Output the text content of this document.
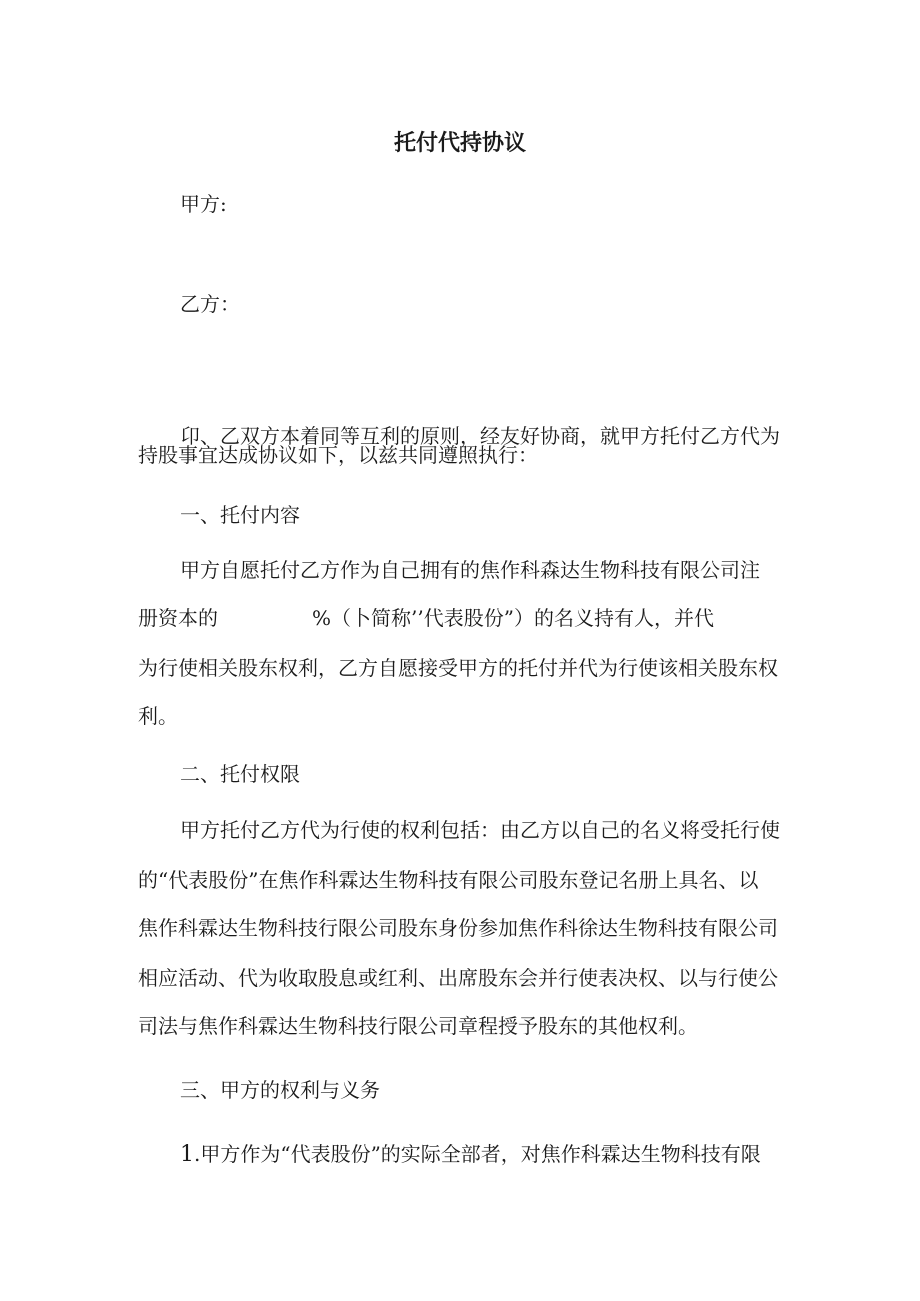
托付代持协议
甲方:
乙方：
卬、乙双方本着同等互利的原则，经友好协商，就甲方托付乙方代为
持股事宜达成协议如下，以兹共同遵照执行：
一、托付内容
甲方自愿托付乙方作为自己拥有的焦作科森达生物科技有限公司注
册资本的	%（卜简称’’代表股份”）的名义持有人，并代
为行使相关股东权利，乙方自愿接受甲方的托付并代为行使该相关股东权
利。
二、托付权限
甲方托付乙方代为行使的权利包括：由乙方以自己的名义将受托行使
的“代表股份”在焦作科霖达生物科技有限公司股东登记名册上具名、以
焦作科霖达生物科技行限公司股东身份参加焦作科徐达生物科技有限公司
相应活动、代为收取股息或红利、出席股东会并行使表决权、以与行使公
司法与焦作科霖达生物科技行限公司章程授予股东的其他权利。
三、甲方的权利与义务
1.甲方作为“代表股份”的实际全部者，对焦作科霖达生物科技有限
